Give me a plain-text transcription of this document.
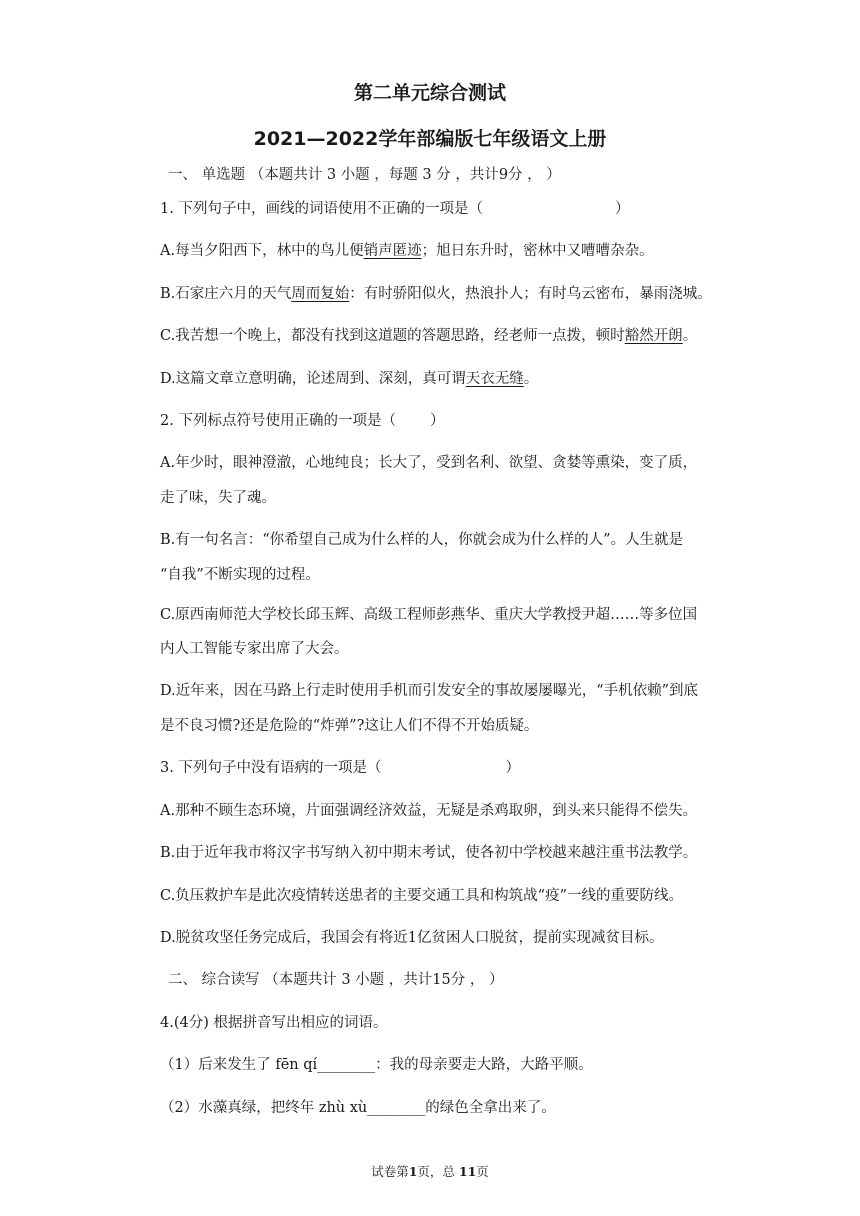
第二单元综合测试
2021—2022学年部编版七年级语文上册
一、 单选题 （本题共计 3 小题 ，每题 3 分 ，共计9分 ， ）
1. 下列句子中，画线的词语使用不正确的一项是（	）
A.每当夕阳西下，林中的鸟儿便销声匿迹；旭日东升时，密林中又嘈嘈杂杂。
B.石家庄六月的天气周而复始：有时骄阳似火，热浪扑人；有时乌云密布，暴雨浇城。
C.我苦想一个晚上，都没有找到这道题的答题思路，经老师一点拨，顿时豁然开朗。
D.这篇文章立意明确，论述周到、深刻，真可谓天衣无缝。
2. 下列标点符号使用正确的一项是（ ）
A.年少时，眼神澄澈，心地纯良；长大了，受到名利、欲望、贪婪等熏染，变了质，
走了味，失了魂。
B.有一句名言：“你希望自己成为什么样的人，你就会成为什么样的人”。人生就是
“自我”不断实现的过程。
C.原西南师范大学校长邱玉辉、高级工程师彭燕华、重庆大学教授尹超……等多位国
内人工智能专家出席了大会。
D.近年来，因在马路上行走时使用手机而引发安全的事故屡屡曝光，“手机依赖”到底
是不良习惯?还是危险的“炸弹”?这让人们不得不开始质疑。
3. 下列句子中没有语病的一项是（	）
A.那种不顾生态环境，片面强调经济效益，无疑是杀鸡取卵，到头来只能得不偿失。
B.由于近年我市将汉字书写纳入初中期末考试，使各初中学校越来越注重书法教学。
C.负压救护车是此次疫情转送患者的主要交通工具和构筑战“疫”一线的重要防线。
D.脱贫攻坚任务完成后，我国会有将近1亿贫困人口脱贫，提前实现减贫目标。
二、 综合读写 （本题共计 3 小题 ，共计15分 ， ）
4.(4分) 根据拼音写出相应的词语。
（1）后来发生了 fēn qí________：我的母亲要走大路，大路平顺。
（2）水藻真绿，把终年 zhù xù________的绿色全拿出来了。
试卷第1页，总 11页
